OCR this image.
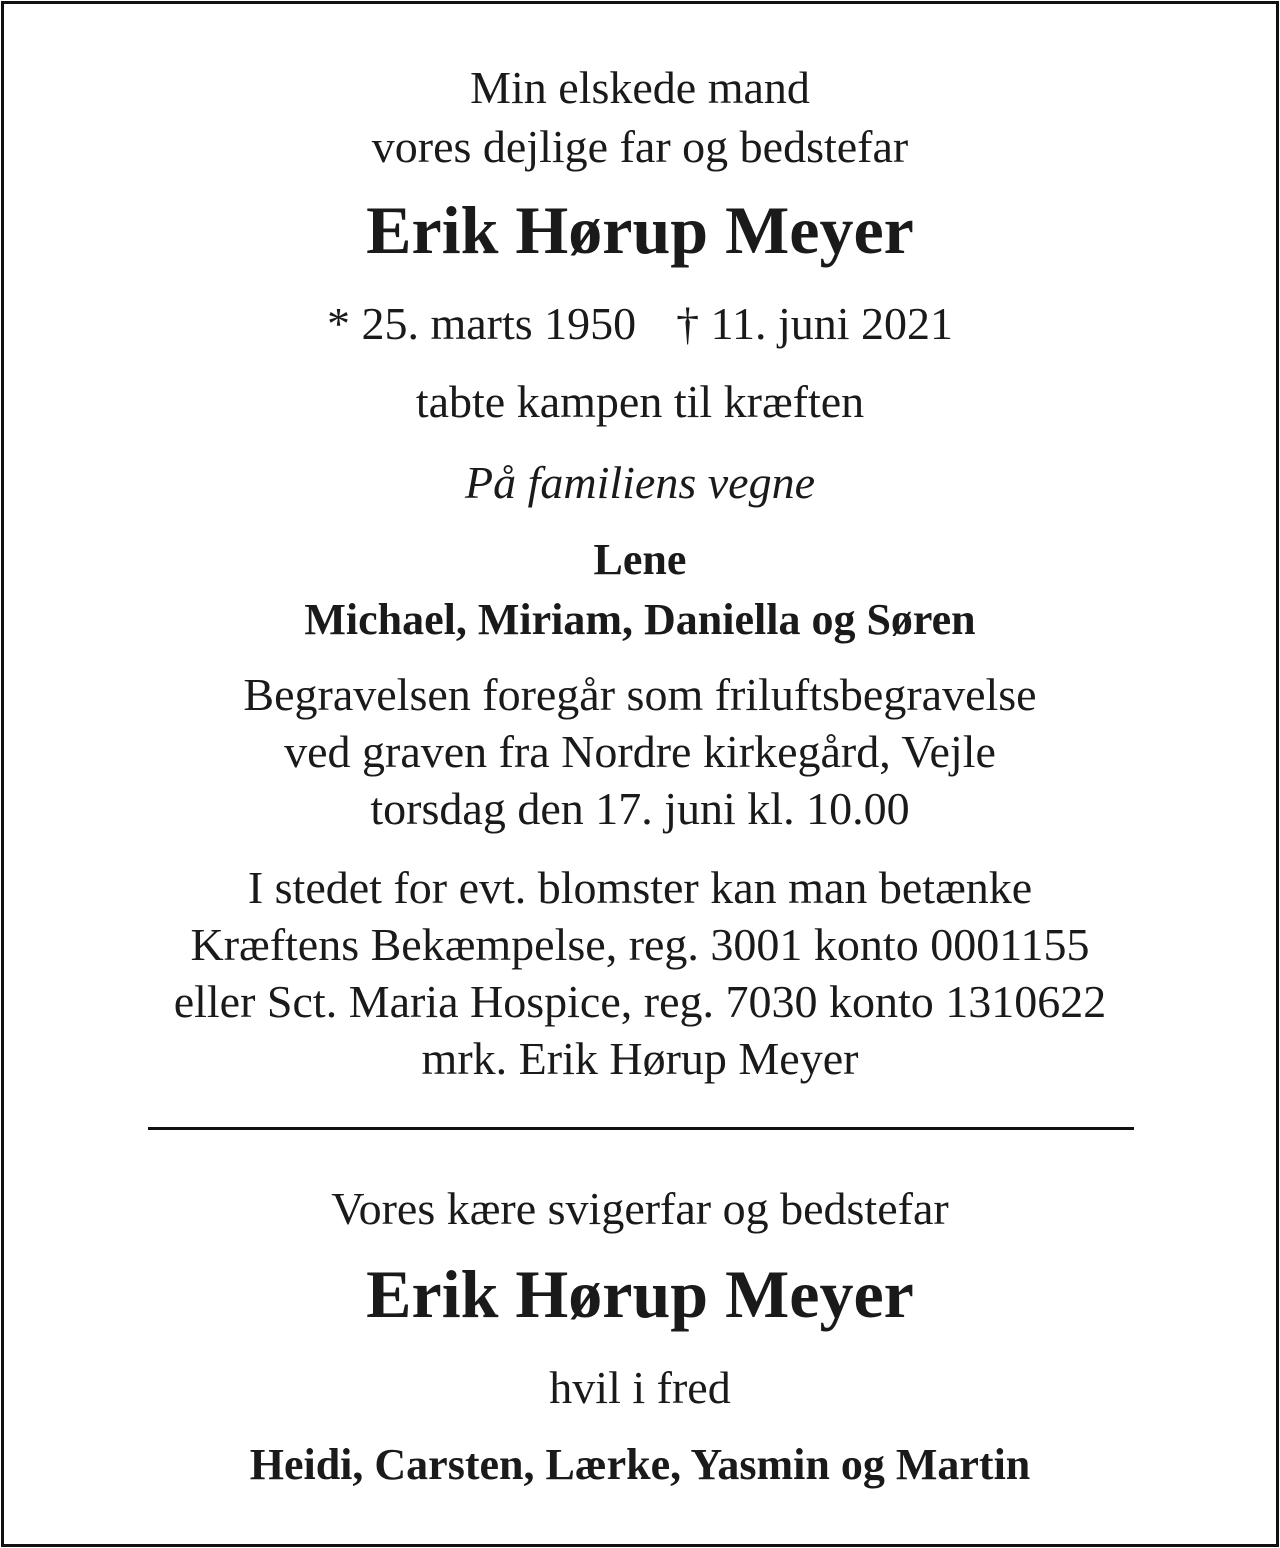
Min elskede mand
vores dejlige far og bedstefar
Erik Hørup Meyer
* 25. marts 1950 † 11. juni 2021
tabte kampen til kræften
På familiens vegne
Lene
Michael, Miriam, Daniella og Søren
Begravelsen foregår som friluftsbegravelse
ved graven fra Nordre kirkegård, Vejle
torsdag den 17. juni kl. 10.00
I stedet for evt. blomster kan man betænke
Kræftens Bekæmpelse, reg. 3001 konto 0001155
eller Sct. Maria Hospice, reg. 7030 konto 1310622
mrk. Erik Hørup Meyer
Vores kære svigerfar og bedstefar
Erik Hørup Meyer
hvil i fred
Heidi, Carsten, Lærke, Yasmin og Martin
